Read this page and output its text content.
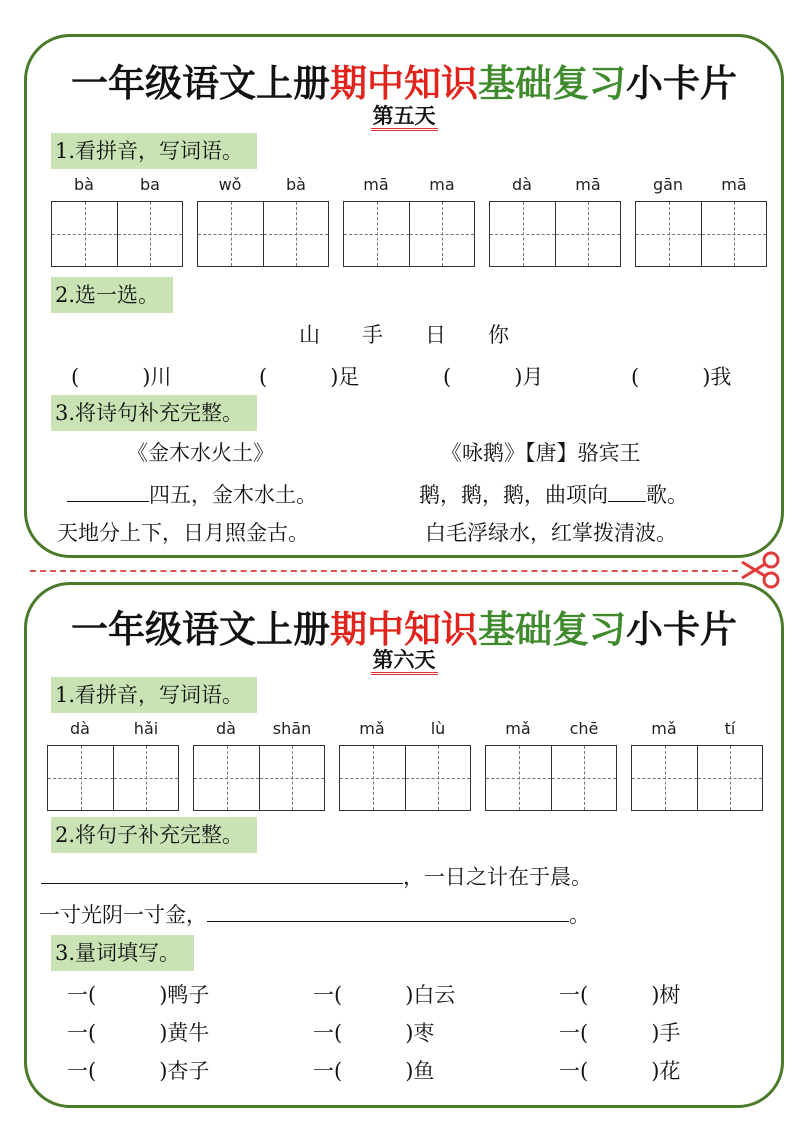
一年级语文上册期中知识基础复习小卡片
第五天
1.看拼音，写词语。
bà	ba	wǒ	bà	mā	ma	dà	mā	gān	mā
2.选一选。
山　　手　　日　　你
(　　　)川	(　　　)足	(　　　)月	(　　　)我
3.将诗句补充完整。
《金木水火土》	《咏鹅》【唐】骆宾王
四五，金木水土。	鹅，鹅，鹅，曲项向 歌。
天地分上下，日月照金古。	白毛浮绿水，红掌拨清波。
一年级语文上册期中知识基础复习小卡片
第六天
1.看拼音，写词语。
dà	hǎi	dà	shān	mǎ	lù	mǎ	chē	mǎ	tí
2.将句子补充完整。
，一日之计在于晨。
一寸光阴一寸金，	。
3.量词填写。
一(　　　)鸭子	一(　　　)白云	一(　　　)树
一(　　　)黄牛	一(　　　)枣	一(　　　)手
一(　　　)杏子	一(　　　)鱼	一(　　　)花
